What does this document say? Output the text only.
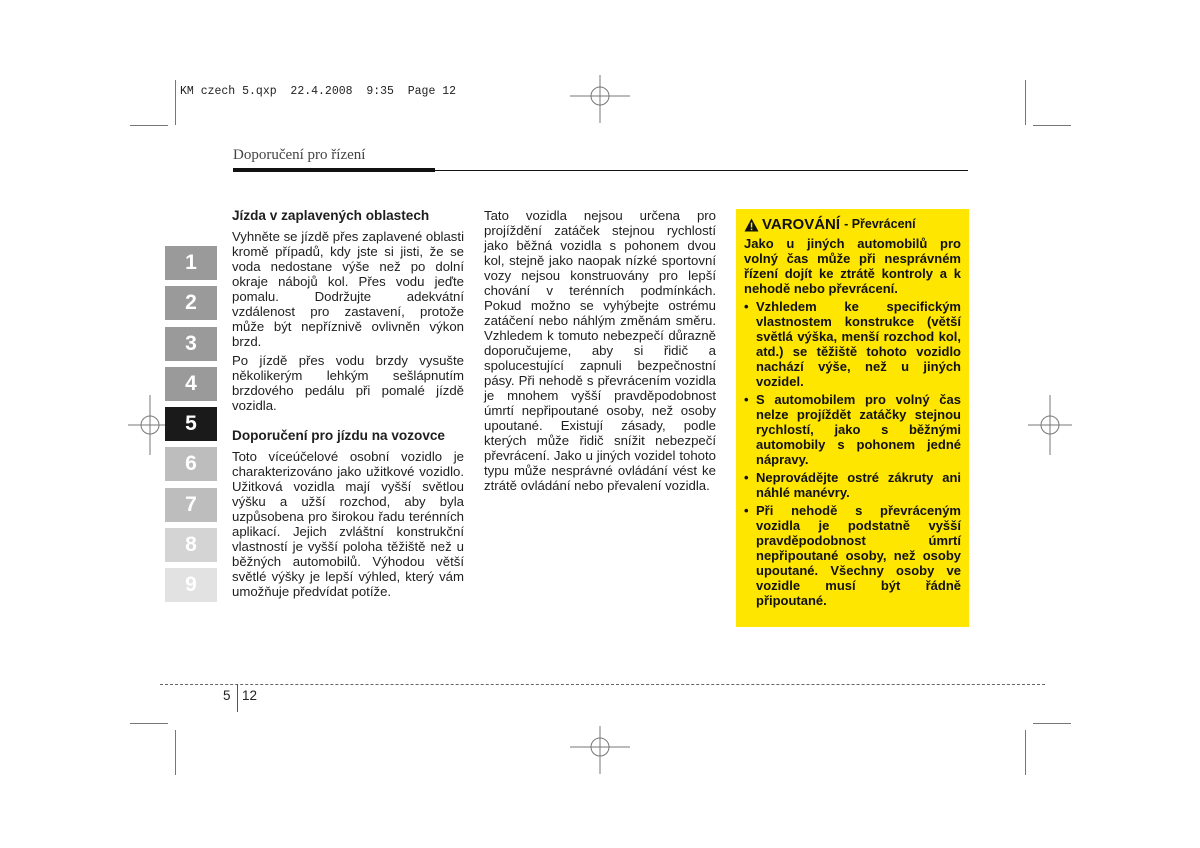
KM czech 5.qxp  22.4.2008  9:35  Page 12
Doporučení pro řízení
1
2
3
4
5
6
7
8
9
Jízda v zaplavených oblastech

Vyhněte se jízdě přes zaplavené oblasti kromě případů, kdy jste si jisti, že se voda nedostane výše než po dolní okraje nábojů kol. Přes vodu jeďte pomalu. Dodržujte adekvátní vzdálenost pro zastavení, protože může být nepříznivě ovlivněn výkon brzd.

Po jízdě přes vodu brzdy vysušte několikerým lehkým sešlápnutím brzdového pedálu při pomalé jízdě vozidla.

Doporučení pro jízdu na vozovce

Toto víceúčelové osobní vozidlo je charakterizováno jako užitkové vozidlo. Užitková vozidla mají vyšší světlou výšku a užší rozchod, aby byla uzpůsobena pro širokou řadu terénních aplikací. Jejich zvláštní konstrukční vlastností je vyšší poloha těžiště než u běžných automobilů. Výhodou větší světlé výšky je lepší výhled, který vám umožňuje předvídat potíže.

Tato vozidla nejsou určena pro projíždění zatáček stejnou rychlostí jako běžná vozidla s pohonem dvou kol, stejně jako naopak nízké sportovní vozy nejsou konstruovány pro lepší chování v terénních podmínkách. Pokud možno se vyhýbejte ostrému zatáčení nebo náhlým změnám směru. Vzhledem k tomuto nebezpečí důrazně doporučujeme, aby si řidič a spolucestující zapnuli bezpečnostní pásy. Při nehodě s převrácením vozidla je mnohem vyšší pravděpodobnost úmrtí nepřipoutané osoby, než osoby upoutané. Existují zásady, podle kterých může řidič snížit nebezpečí převrácení. Jako u jiných vozidel tohoto typu může nesprávné ovládání vést ke ztrátě ovládání nebo převalení vozidla.

VAROVÁNÍ - Převrácení

Jako u jiných automobilů pro volný čas může při nesprávném řízení dojít ke ztrátě kontroly a k nehodě nebo převrácení.

• Vzhledem ke specifickým vlastnostem konstrukce (větší světlá výška, menší rozchod kol, atd.) se těžiště tohoto vozidlo nachází výše, než u jiných vozidel.
• S automobilem pro volný čas nelze projíždět zatáčky stejnou rychlostí, jako s běžnými automobily s pohonem jedné nápravy.
• Neprovádějte ostré zákruty ani náhlé manévry.
• Při nehodě s převráceným vozidla je podstatně vyšší pravděpodobnost úmrtí nepřipoutané osoby, než osoby upoutané. Všechny osoby ve vozidle musí být řádně připoutané.
5 12
